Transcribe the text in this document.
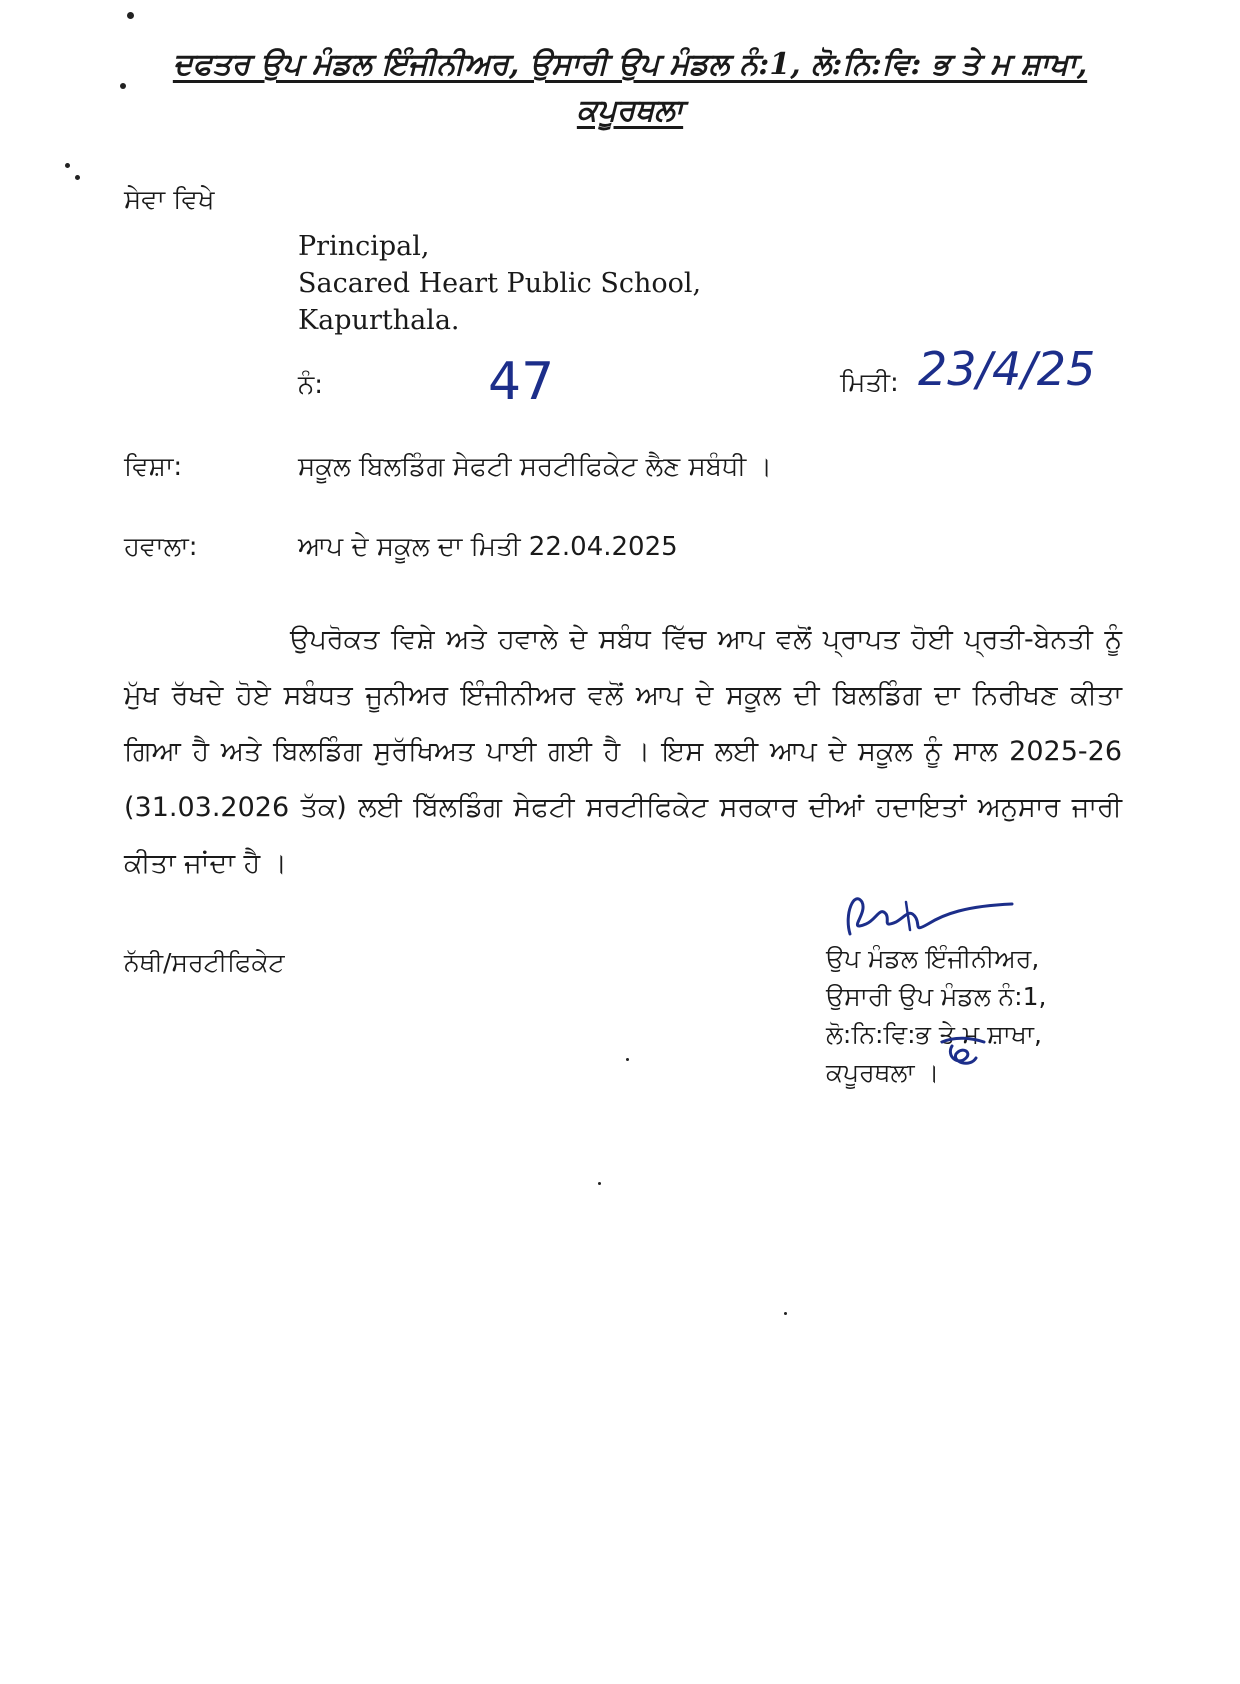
ਦਫਤਰ ਉਪ ਮੰਡਲ ਇੰਜੀਨੀਅਰ, ਉਸਾਰੀ ਉਪ ਮੰਡਲ ਨੰ:1, ਲੋ:ਨਿ:ਵਿ: ਭ ਤੇ ਮ ਸ਼ਾਖਾ,
ਕਪੂਰਥਲਾ
ਸੇਵਾ ਵਿਖੇ
Principal,
Sacared Heart Public School,
Kapurthala.
ਨੰ:	47	ਮਿਤੀ: 23/4/25
ਵਿਸ਼ਾ:	ਸਕੂਲ ਬਿਲਡਿੰਗ ਸੇਫਟੀ ਸਰਟੀਫਿਕੇਟ ਲੈਣ ਸਬੰਧੀ ।
ਹਵਾਲਾ:	ਆਪ ਦੇ ਸਕੂਲ ਦਾ ਮਿਤੀ 22.04.2025
ਉਪਰੋਕਤ ਵਿਸ਼ੇ ਅਤੇ ਹਵਾਲੇ ਦੇ ਸਬੰਧ ਵਿੱਚ ਆਪ ਵਲੋਂ ਪ੍ਰਾਪਤ ਹੋਈ ਪ੍ਰਤੀ-ਬੇਨਤੀ ਨੂੰ ਮੁੱਖ ਰੱਖਦੇ ਹੋਏ ਸਬੰਧਤ ਜੂਨੀਅਰ ਇੰਜੀਨੀਅਰ ਵਲੋਂ ਆਪ ਦੇ ਸਕੂਲ ਦੀ ਬਿਲਡਿੰਗ ਦਾ ਨਿਰੀਖਣ ਕੀਤਾ ਗਿਆ ਹੈ ਅਤੇ ਬਿਲਡਿੰਗ ਸੁਰੱਖਿਅਤ ਪਾਈ ਗਈ ਹੈ । ਇਸ ਲਈ ਆਪ ਦੇ ਸਕੂਲ ਨੂੰ ਸਾਲ 2025-26 (31.03.2026 ਤੱਕ) ਲਈ ਬਿੱਲਡਿੰਗ ਸੇਫਟੀ ਸਰਟੀਫਿਕੇਟ ਸਰਕਾਰ ਦੀਆਂ ਹਦਾਇਤਾਂ ਅਨੁਸਾਰ ਜਾਰੀ ਕੀਤਾ ਜਾਂਦਾ ਹੈ ।
ਨੱਥੀ/ਸਰਟੀਫਿਕੇਟ	ਉਪ ਮੰਡਲ ਇੰਜੀਨੀਅਰ,
ਉਸਾਰੀ ਉਪ ਮੰਡਲ ਨੰ:1,
ਲੋ:ਨਿ:ਵਿ:ਭ ਤੇ ਮ ਸ਼ਾਖਾ,
ਕਪੂਰਥਲਾ ।
